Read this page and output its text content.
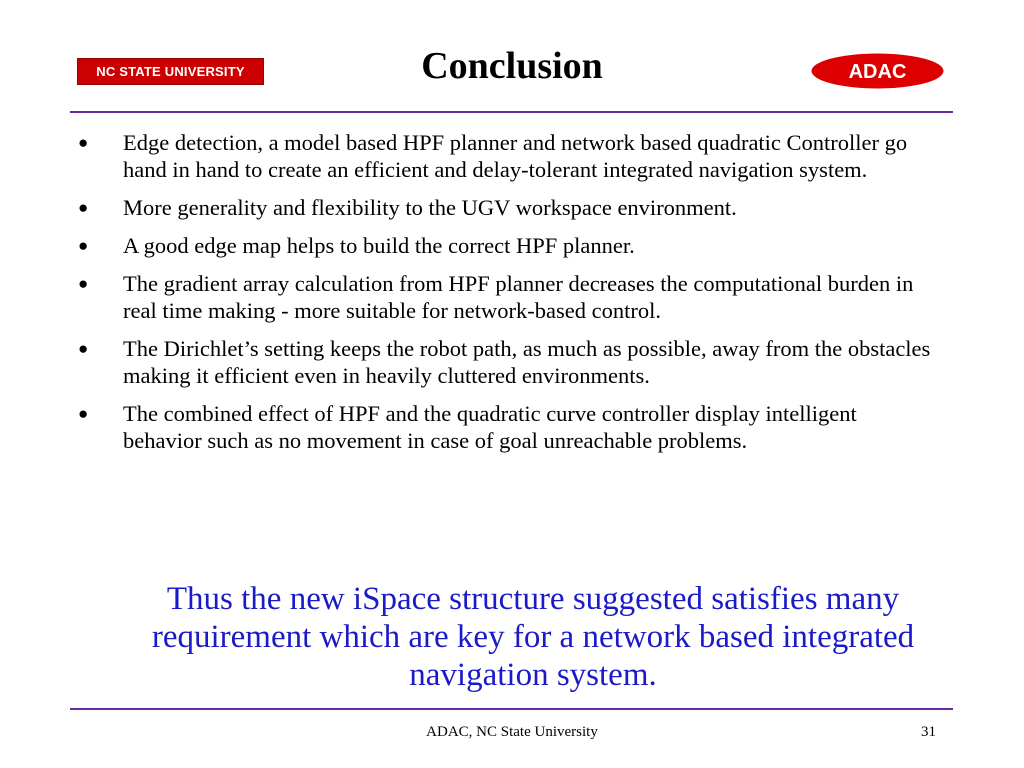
NC STATE UNIVERSITY	Conclusion	ADAC
● Edge detection, a model based HPF planner and network based quadratic Controller go hand in hand to create an efficient and delay-tolerant integrated navigation system.
● More generality and flexibility to the UGV workspace environment.
● A good edge map helps to build the correct HPF planner.
● The gradient array calculation from HPF planner decreases the computational burden in real time making - more suitable for network-based control.
● The Dirichlet’s setting keeps the robot path, as much as possible, away from the obstacles making it efficient even in heavily cluttered environments.
● The combined effect of HPF and the quadratic curve controller display intelligent behavior such as no movement in case of goal unreachable problems.
Thus the new iSpace structure suggested satisfies many requirement which are key for a network based integrated navigation system.
ADAC, NC State University	31
